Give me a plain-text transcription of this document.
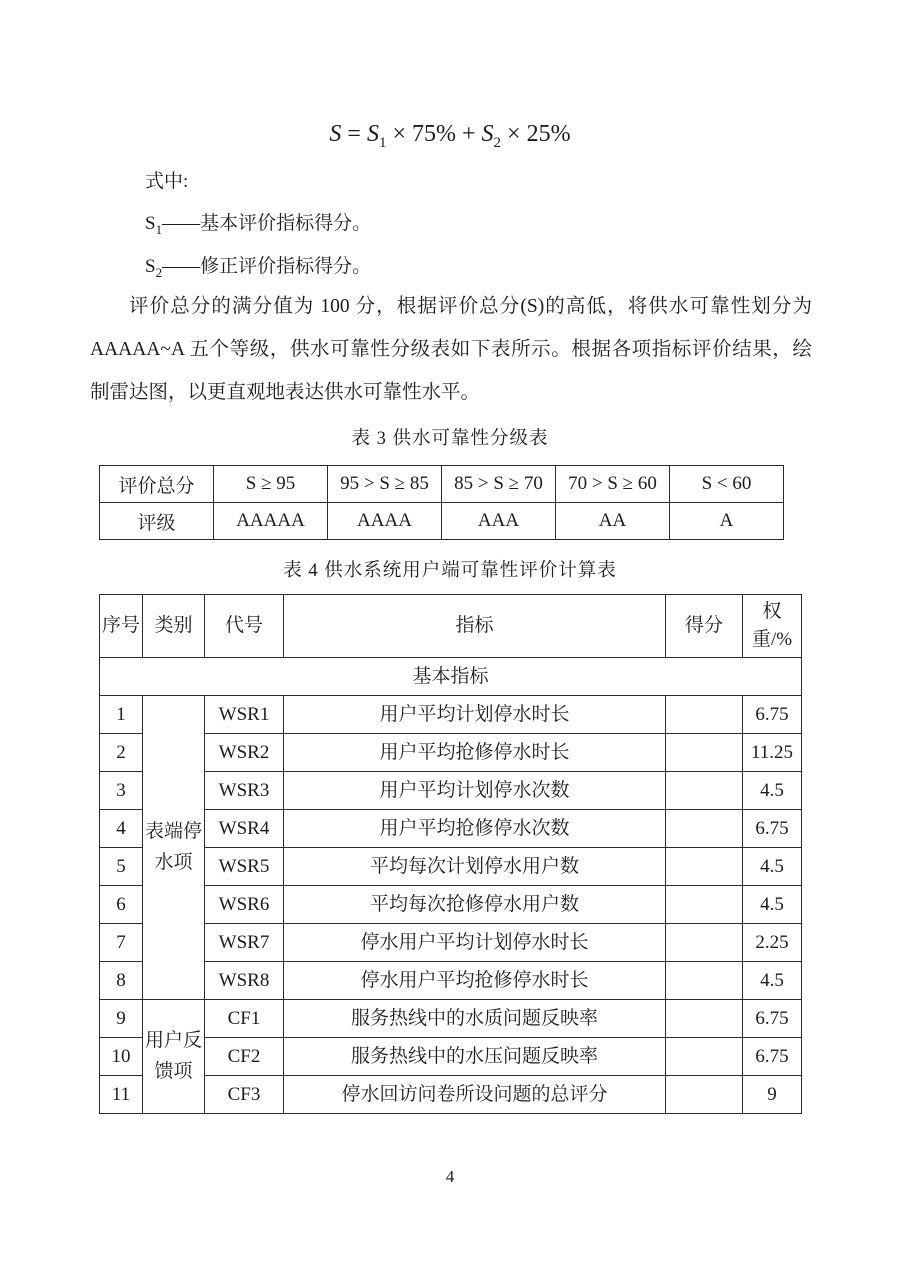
$S = S_1 \times 75\% + S_2 \times 25\%$
式中:
$S_1——$基本评价指标得分。
$S_2——$修正评价指标得分。
评价总分的满分值为 100 分，根据评价总分(S)的高低，将供水可靠性划分为 AAAAA~A 五个等级，供水可靠性分级表如下表所示。根据各项指标评价结果，绘制雷达图，以更直观地表达供水可靠性水平。
表 3 供水可靠性分级表
评价总分	S ≥ 95	95 > S ≥ 85	85 > S ≥ 70	70 > S ≥ 60	S < 60
评级	AAAAA	AAAA	AAA	AA	A
表 4 供水系统用户端可靠性评价计算表
序号	类别	代号	指标	得分	权重/%
基本指标					
1	表端停水项	WSR1	用户平均计划停水时长		6.75
2		WSR2	用户平均抢修停水时长		11.25
3		WSR3	用户平均计划停水次数		4.5
4		WSR4	用户平均抢修停水次数		6.75
5		WSR5	平均每次计划停水用户数		4.5
6		WSR6	平均每次抢修停水用户数		4.5
7		WSR7	停水用户平均计划停水时长		2.25
8		WSR8	停水用户平均抢修停水时长		4.5
9	用户反馈项	CF1	服务热线中的水质问题反映率		6.75
10		CF2	服务热线中的水压问题反映率		6.75
11		CF3	停水回访问卷所设问题的总评分		9
4
